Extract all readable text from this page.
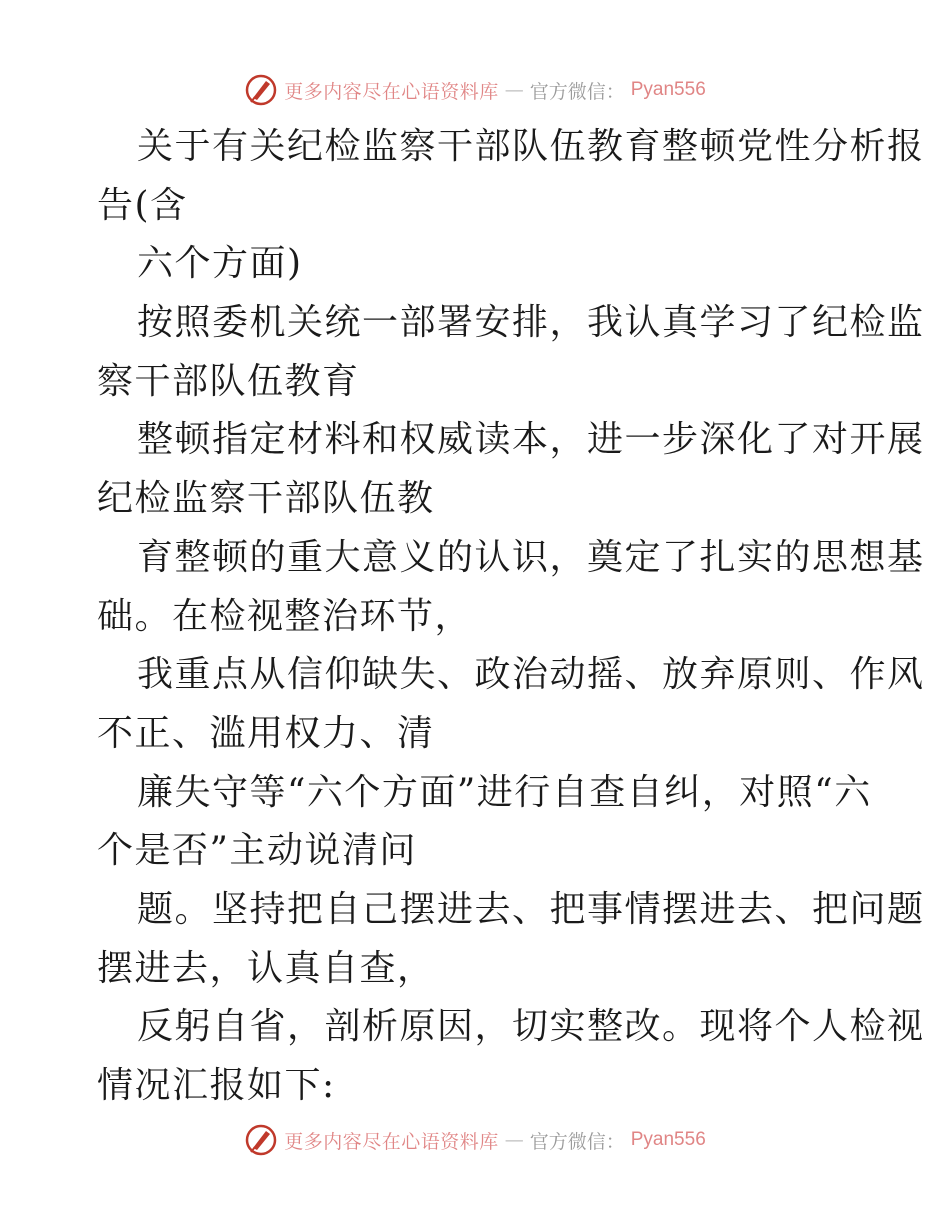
更多内容尽在心语资料库 — 官方微信： Pyan556
关于有关纪检监察干部队伍教育整顿党性分析报
告(含
六个方面)
按照委机关统一部署安排，我认真学习了纪检监
察干部队伍教育
整顿指定材料和权威读本，进一步深化了对开展
纪检监察干部队伍教
育整顿的重大意义的认识，奠定了扎实的思想基
础。在检视整治环节，
我重点从信仰缺失、政治动摇、放弃原则、作风
不正、滥用权力、清
廉失守等“六个方面”进行自查自纠，对照“六
个是否”主动说清问
题。坚持把自己摆进去、把事情摆进去、把问题
摆进去，认真自查，
反躬自省，剖析原因，切实整改。现将个人检视
情况汇报如下:
更多内容尽在心语资料库 — 官方微信： Pyan556
